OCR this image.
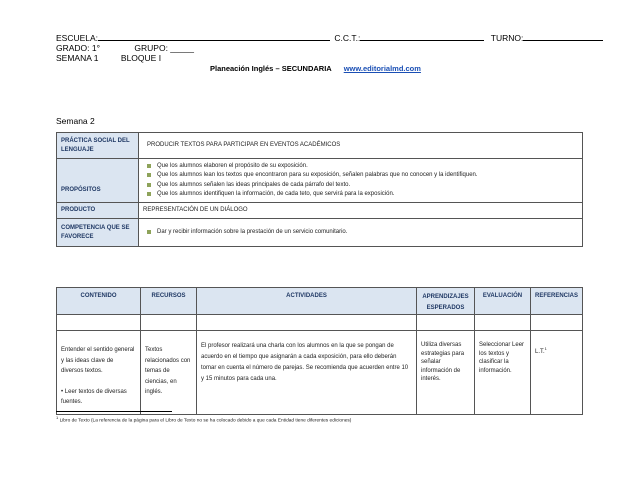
ESCUELA:	C.C.T.:	TURNO:
GRADO: 1°	GRUPO: _____
SEMANA 1	BLOQUE I
Planeación Inglés – SECUNDARIA www.editorialmd.com
Semana 2
PRÁCTICA SOCIAL DEL LENGUAJE	PRODUCIR TEXTOS PARA PARTICIPAR EN EVENTOS ACADÉMICOS
PROPÓSITOS	Que los alumnos elaboren el propósito de su exposición.
Que los alumnos lean los textos que encontraron para su exposición, señalen palabras que no conocen y la identifiquen.
Que los alumnos señalen las ideas principales de cada párrafo del texto.
Que los alumnos identifiquen la información, de cada teto, que servirá para la exposición.

PRODUCTO	REPRESENTACIÓN DE UN DIÁLOGO
COMPETENCIA QUE SE FAVORECE	Dar y recibir información sobre la prestación de un servicio comunitario.
CONTENIDO	RECURSOS	ACTIVIDADES	APRENDIZAJES ESPERADOS	EVALUACIÓN	REFERENCIAS

Entender el sentido general y las ideas clave de diversos textos.
• Leer textos de diversas fuentes.	Textos relacionados con temas de ciencias, en inglés.	El profesor realizará una charla con los alumnos en la que se pongan de acuerdo en el tiempo que asignarán a cada exposición, para ello deberán tomar en cuenta el número de parejas. Se recomienda que acuerden entre 10 y 15 minutos para cada una.	Utiliza diversas estrategias para señalar información de interés.	Seleccionar Leer los textos y clasificar la información.	L.T.$^1$
$^1$ Libro de Texto (La referencia de la página para el Libro de Texto no se ha colocado debido a que cada Entidad tiene diferentes ediciones)
